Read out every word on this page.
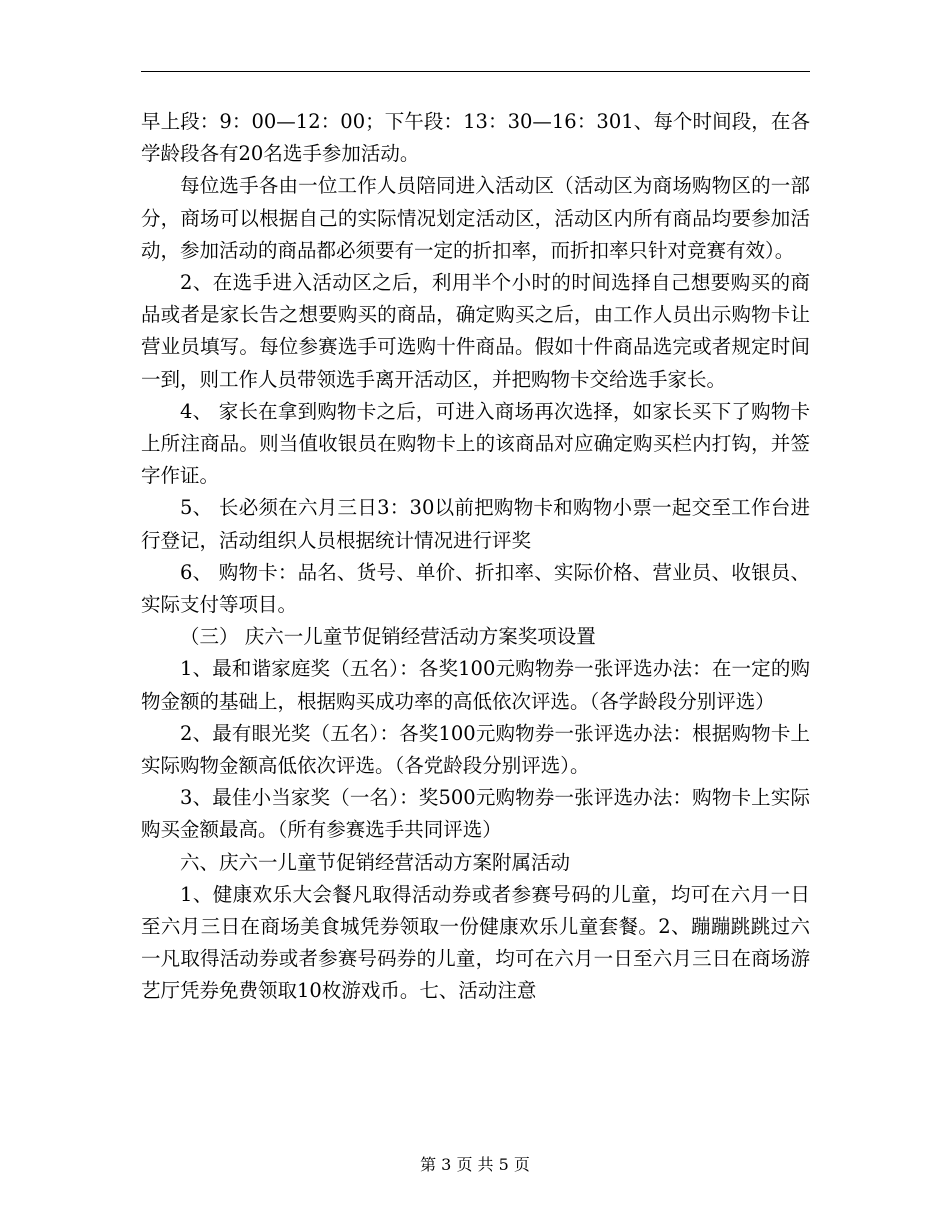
早上段：9：00—12：00；下午段：13：30—16：301、每个时间段，在各学龄段各有20名选手参加活动。

每位选手各由一位工作人员陪同进入活动区（活动区为商场购物区的一部分，商场可以根据自己的实际情况划定活动区，活动区内所有商品均要参加活动，参加活动的商品都必须要有一定的折扣率，而折扣率只针对竞赛有效）。

2、在选手进入活动区之后，利用半个小时的时间选择自己想要购买的商品或者是家长告之想要购买的商品，确定购买之后，由工作人员出示购物卡让营业员填写。每位参赛选手可选购十件商品。假如十件商品选完或者规定时间一到，则工作人员带领选手离开活动区，并把购物卡交给选手家长。

4、 家长在拿到购物卡之后，可进入商场再次选择，如家长买下了购物卡上所注商品。则当值收银员在购物卡上的该商品对应确定购买栏内打钩，并签字作证。

5、 长必须在六月三日3：30以前把购物卡和购物小票一起交至工作台进行登记，活动组织人员根据统计情况进行评奖

6、 购物卡：品名、货号、单价、折扣率、实际价格、营业员、收银员、实际支付等项目。

（三） 庆六一儿童节促销经营活动方案奖项设置

1、最和谐家庭奖（五名）：各奖100元购物券一张评选办法：在一定的购物金额的基础上，根据购买成功率的高低依次评选。（各学龄段分别评选）

2、最有眼光奖（五名）：各奖100元购物券一张评选办法：根据购物卡上实际购物金额高低依次评选。（各党龄段分别评选）。

3、最佳小当家奖（一名）：奖500元购物券一张评选办法：购物卡上实际购买金额最高。（所有参赛选手共同评选）

六、庆六一儿童节促销经营活动方案附属活动

1、健康欢乐大会餐凡取得活动券或者参赛号码的儿童，均可在六月一日至六月三日在商场美食城凭券领取一份健康欢乐儿童套餐。2、蹦蹦跳跳过六一凡取得活动券或者参赛号码券的儿童，均可在六月一日至六月三日在商场游艺厅凭券免费领取10枚游戏币。七、活动注意

第 3 页 共 5 页
